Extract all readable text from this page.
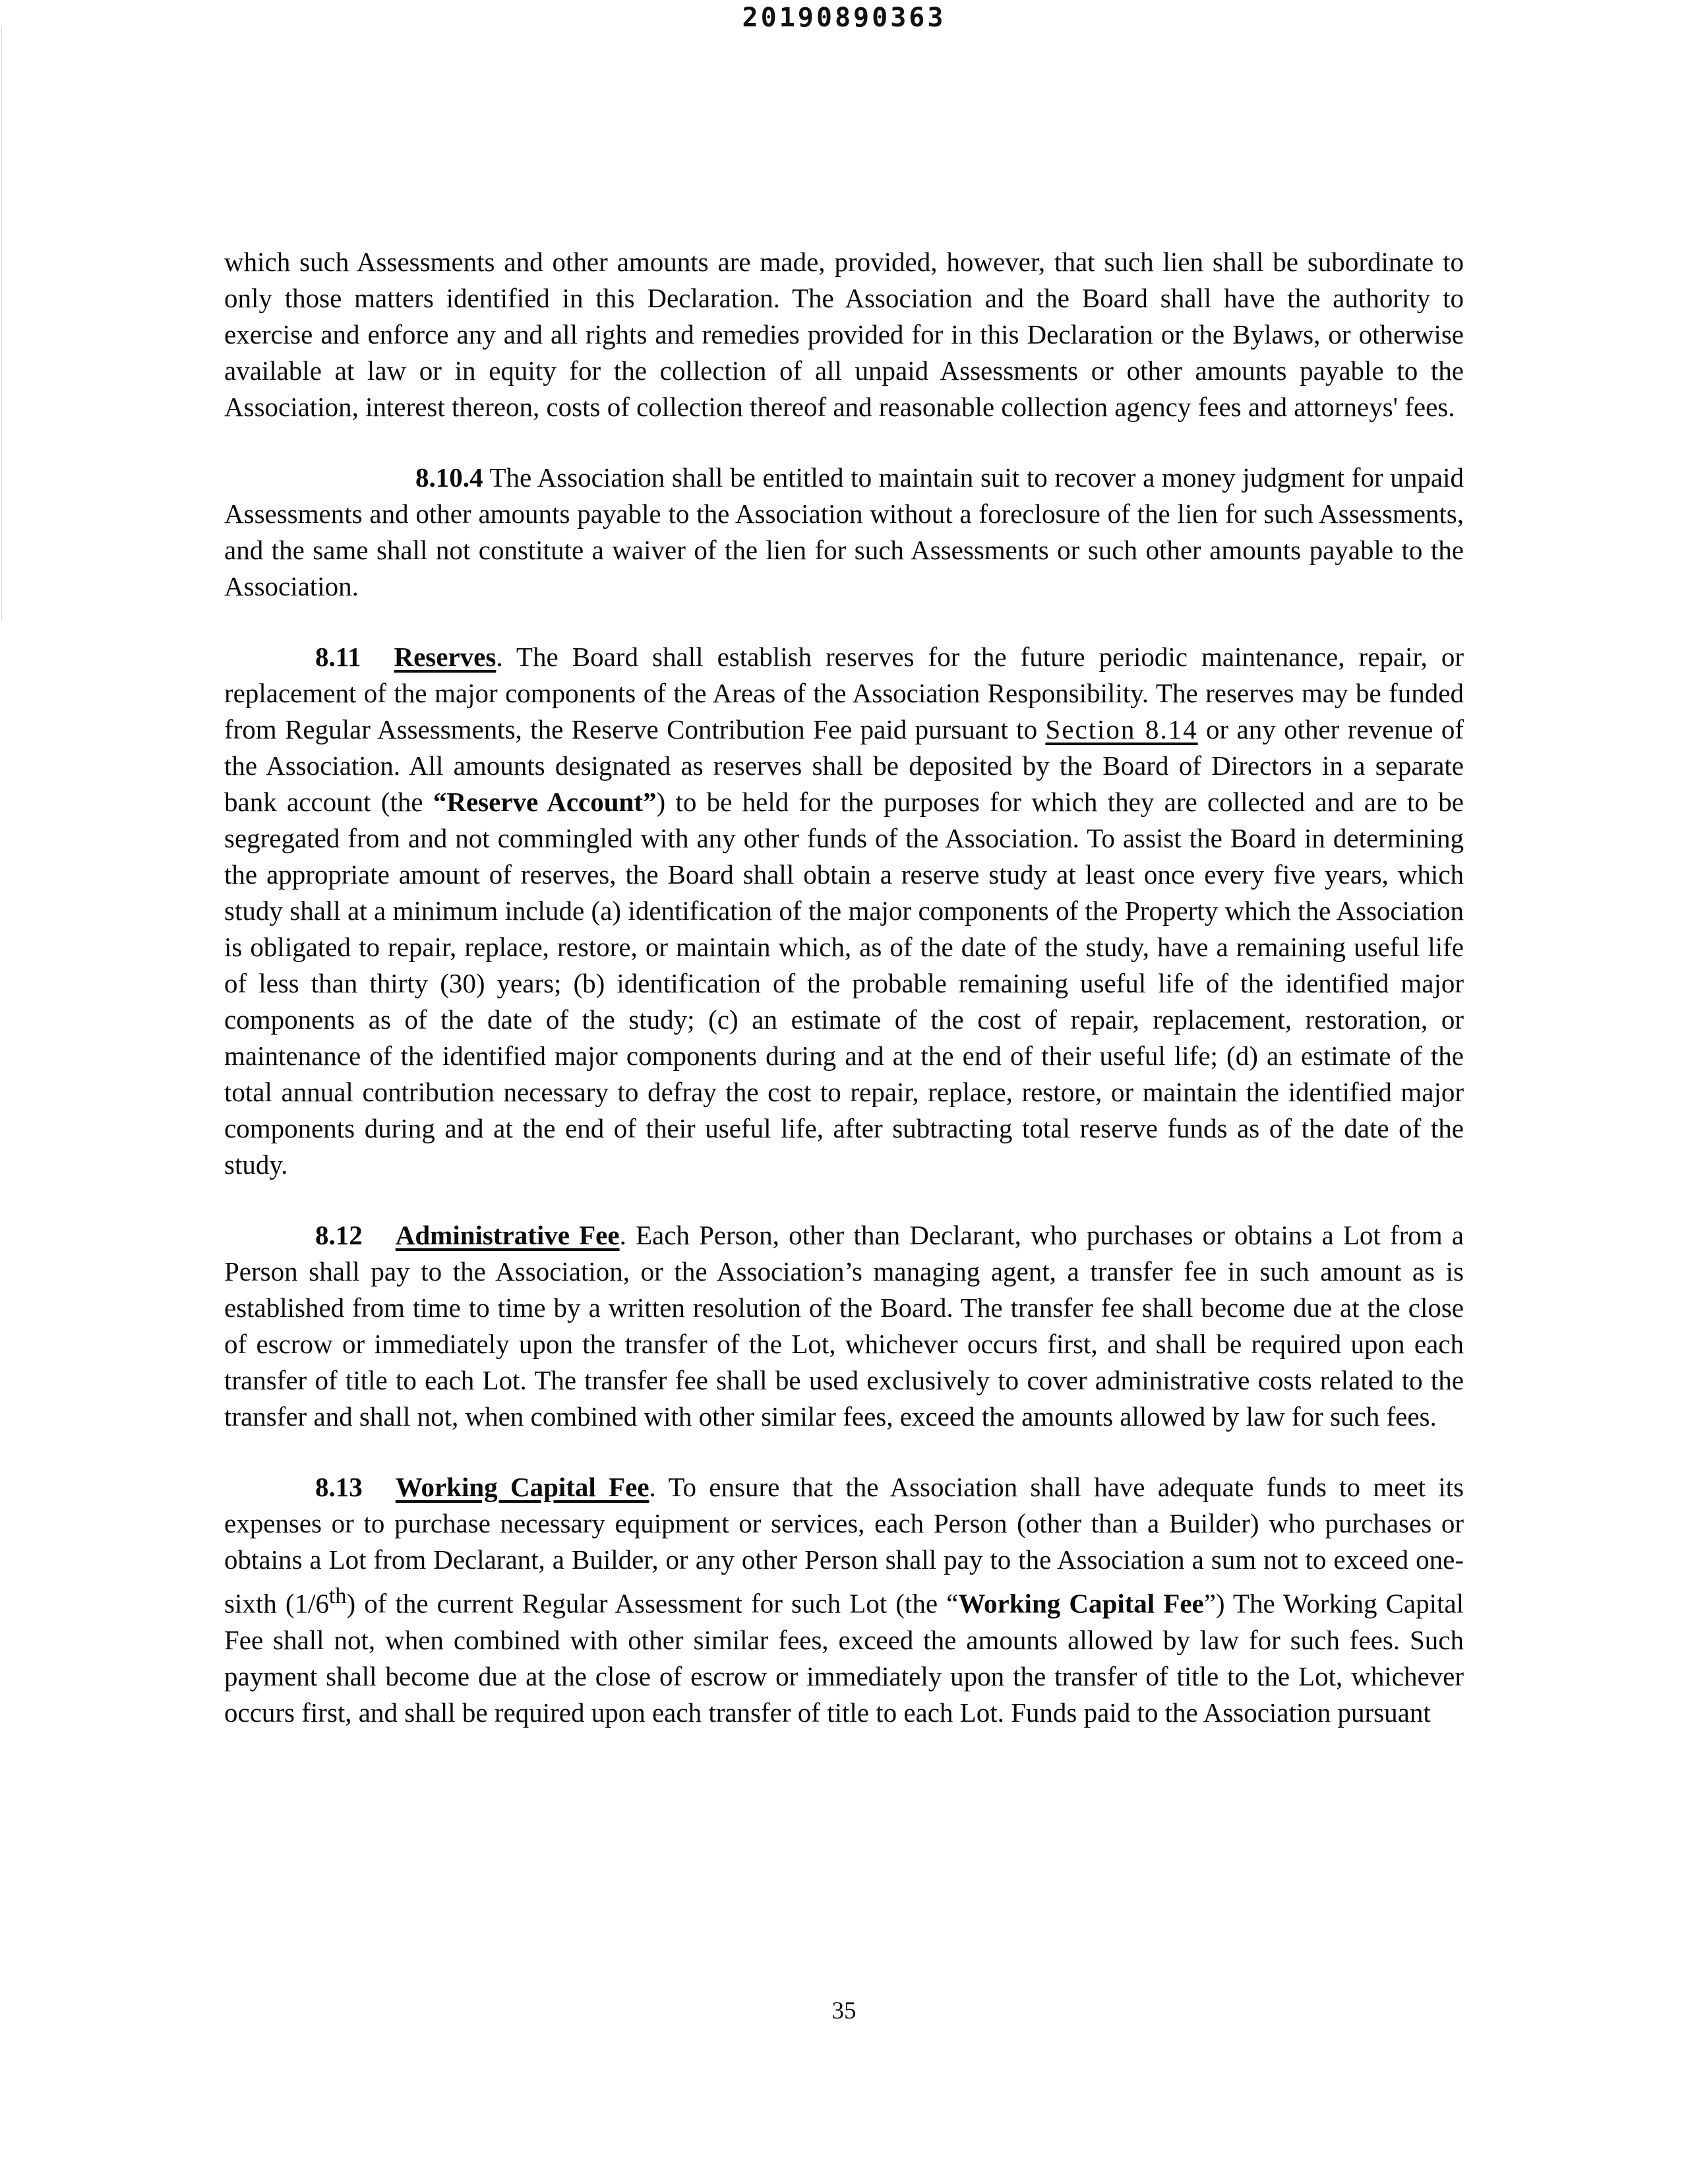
20190890363

which such Assessments and other amounts are made, provided, however, that such lien shall be subordinate to only those matters identified in this Declaration. The Association and the Board shall have the authority to exercise and enforce any and all rights and remedies provided for in this Declaration or the Bylaws, or otherwise available at law or in equity for the collection of all unpaid Assessments or other amounts payable to the Association, interest thereon, costs of collection thereof and reasonable collection agency fees and attorneys' fees.

8.10.4 The Association shall be entitled to maintain suit to recover a money judgment for unpaid Assessments and other amounts payable to the Association without a foreclosure of the lien for such Assessments, and the same shall not constitute a waiver of the lien for such Assessments or such other amounts payable to the Association.

8.11 Reserves. The Board shall establish reserves for the future periodic maintenance, repair, or replacement of the major components of the Areas of the Association Responsibility. The reserves may be funded from Regular Assessments, the Reserve Contribution Fee paid pursuant to Section 8.14 or any other revenue of the Association. All amounts designated as reserves shall be deposited by the Board of Directors in a separate bank account (the “Reserve Account”) to be held for the purposes for which they are collected and are to be segregated from and not commingled with any other funds of the Association. To assist the Board in determining the appropriate amount of reserves, the Board shall obtain a reserve study at least once every five years, which study shall at a minimum include (a) identification of the major components of the Property which the Association is obligated to repair, replace, restore, or maintain which, as of the date of the study, have a remaining useful life of less than thirty (30) years; (b) identification of the probable remaining useful life of the identified major components as of the date of the study; (c) an estimate of the cost of repair, replacement, restoration, or maintenance of the identified major components during and at the end of their useful life; (d) an estimate of the total annual contribution necessary to defray the cost to repair, replace, restore, or maintain the identified major components during and at the end of their useful life, after subtracting total reserve funds as of the date of the study.

8.12 Administrative Fee. Each Person, other than Declarant, who purchases or obtains a Lot from a Person shall pay to the Association, or the Association’s managing agent, a transfer fee in such amount as is established from time to time by a written resolution of the Board. The transfer fee shall become due at the close of escrow or immediately upon the transfer of the Lot, whichever occurs first, and shall be required upon each transfer of title to each Lot. The transfer fee shall be used exclusively to cover administrative costs related to the transfer and shall not, when combined with other similar fees, exceed the amounts allowed by law for such fees.

8.13 Working Capital Fee. To ensure that the Association shall have adequate funds to meet its expenses or to purchase necessary equipment or services, each Person (other than a Builder) who purchases or obtains a Lot from Declarant, a Builder, or any other Person shall pay to the Association a sum not to exceed one-sixth (1/6th) of the current Regular Assessment for such Lot (the “Working Capital Fee”) The Working Capital Fee shall not, when combined with other similar fees, exceed the amounts allowed by law for such fees. Such payment shall become due at the close of escrow or immediately upon the transfer of title to the Lot, whichever occurs first, and shall be required upon each transfer of title to each Lot. Funds paid to the Association pursuant

35
